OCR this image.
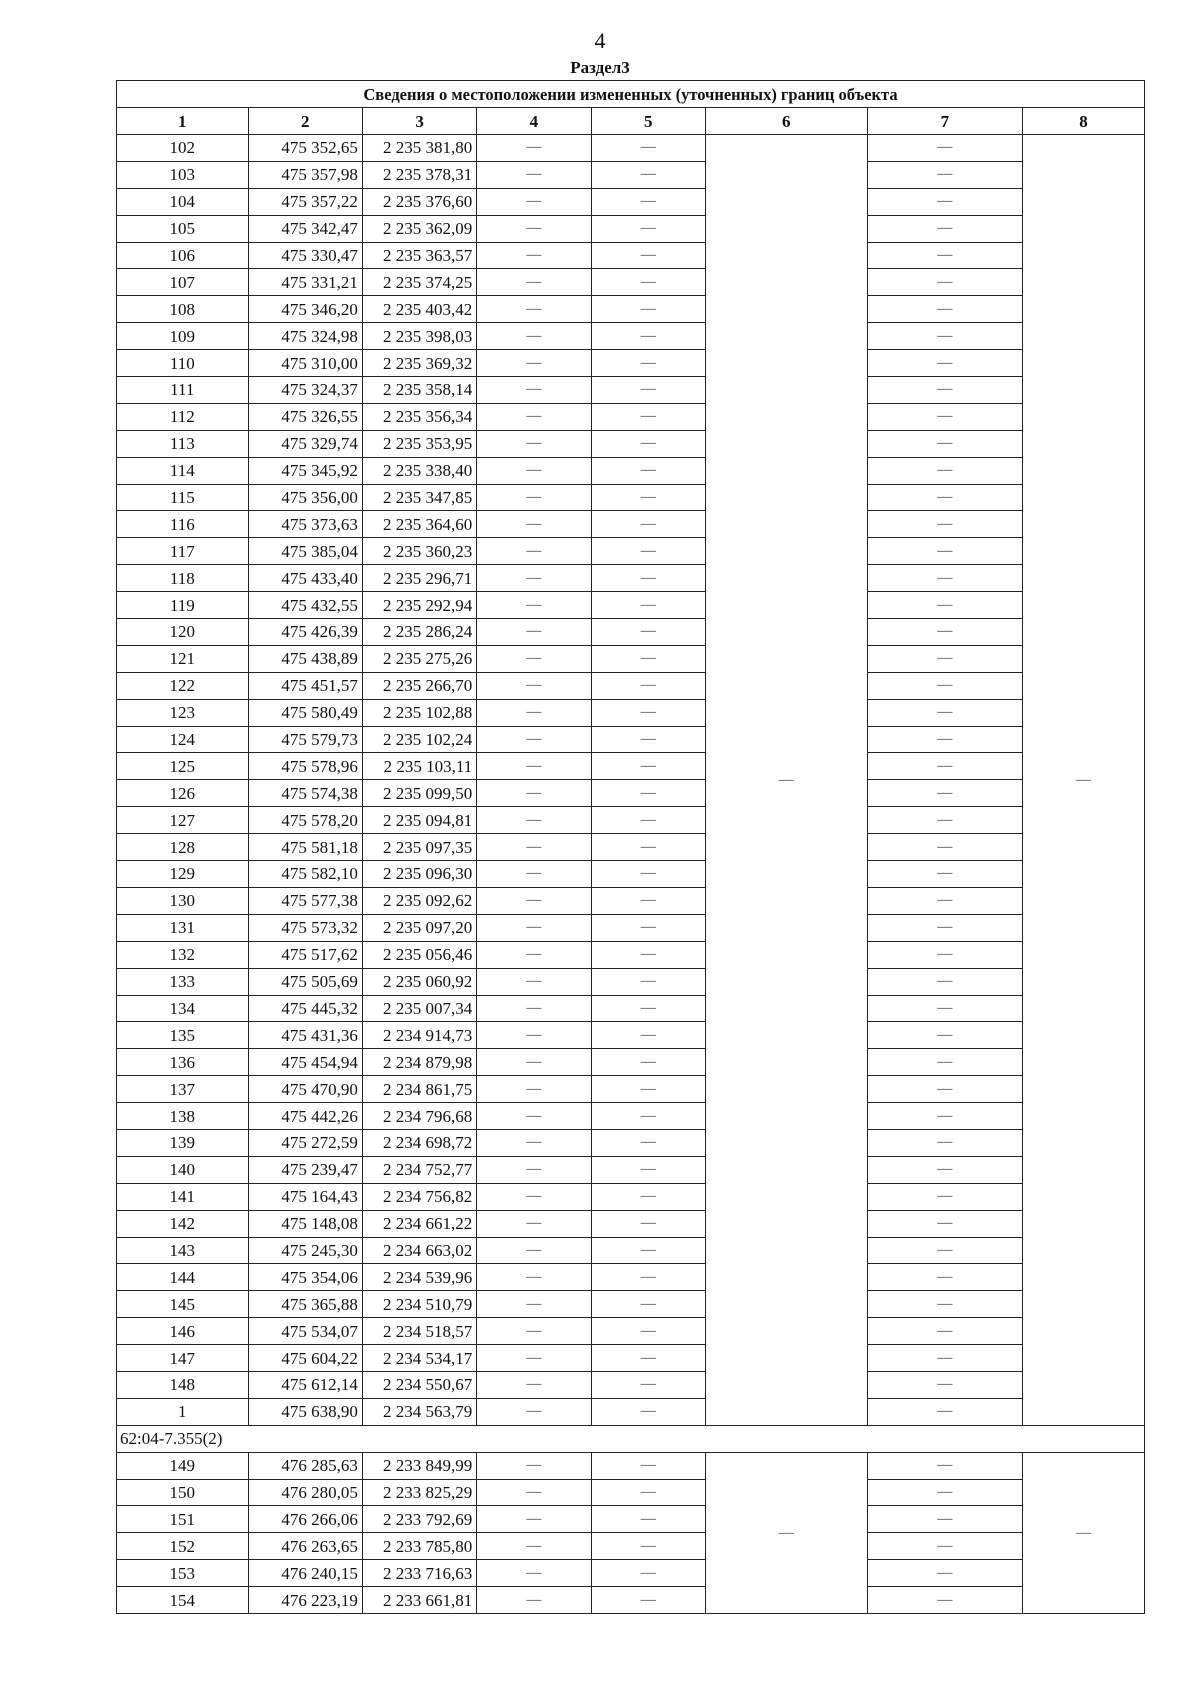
4
Раздел3
Сведения о местоположении измененных (уточненных) границ объекта							
1	2	3	4	5	6	7	8
102	475 352,65	2 235 381,80	—	—	—	—	—
103	475 357,98	2 235 378,31	—	—		—	
104	475 357,22	2 235 376,60	—	—		—	
105	475 342,47	2 235 362,09	—	—		—	
106	475 330,47	2 235 363,57	—	—		—	
107	475 331,21	2 235 374,25	—	—		—	
108	475 346,20	2 235 403,42	—	—		—	
109	475 324,98	2 235 398,03	—	—		—	
110	475 310,00	2 235 369,32	—	—		—	
111	475 324,37	2 235 358,14	—	—		—	
112	475 326,55	2 235 356,34	—	—		—	
113	475 329,74	2 235 353,95	—	—		—	
114	475 345,92	2 235 338,40	—	—		—	
115	475 356,00	2 235 347,85	—	—		—	
116	475 373,63	2 235 364,60	—	—		—	
117	475 385,04	2 235 360,23	—	—		—	
118	475 433,40	2 235 296,71	—	—		—	
119	475 432,55	2 235 292,94	—	—		—	
120	475 426,39	2 235 286,24	—	—		—	
121	475 438,89	2 235 275,26	—	—		—	
122	475 451,57	2 235 266,70	—	—		—	
123	475 580,49	2 235 102,88	—	—		—	
124	475 579,73	2 235 102,24	—	—		—	
125	475 578,96	2 235 103,11	—	—		—	
126	475 574,38	2 235 099,50	—	—		—	
127	475 578,20	2 235 094,81	—	—		—	
128	475 581,18	2 235 097,35	—	—		—	
129	475 582,10	2 235 096,30	—	—		—	
130	475 577,38	2 235 092,62	—	—		—	
131	475 573,32	2 235 097,20	—	—		—	
132	475 517,62	2 235 056,46	—	—		—	
133	475 505,69	2 235 060,92	—	—		—	
134	475 445,32	2 235 007,34	—	—		—	
135	475 431,36	2 234 914,73	—	—		—	
136	475 454,94	2 234 879,98	—	—		—	
137	475 470,90	2 234 861,75	—	—		—	
138	475 442,26	2 234 796,68	—	—		—	
139	475 272,59	2 234 698,72	—	—		—	
140	475 239,47	2 234 752,77	—	—		—	
141	475 164,43	2 234 756,82	—	—		—	
142	475 148,08	2 234 661,22	—	—		—	
143	475 245,30	2 234 663,02	—	—		—	
144	475 354,06	2 234 539,96	—	—		—	
145	475 365,88	2 234 510,79	—	—		—	
146	475 534,07	2 234 518,57	—	—		—	
147	475 604,22	2 234 534,17	—	—		—	
148	475 612,14	2 234 550,67	—	—		—	
1	475 638,90	2 234 563,79	—	—		—	
62:04-7.355(2)							
149	476 285,63	2 233 849,99	—	—	—	—	—
150	476 280,05	2 233 825,29	—	—		—	
151	476 266,06	2 233 792,69	—	—		—	
152	476 263,65	2 233 785,80	—	—		—	
153	476 240,15	2 233 716,63	—	—		—	
154	476 223,19	2 233 661,81	—	—		—	
